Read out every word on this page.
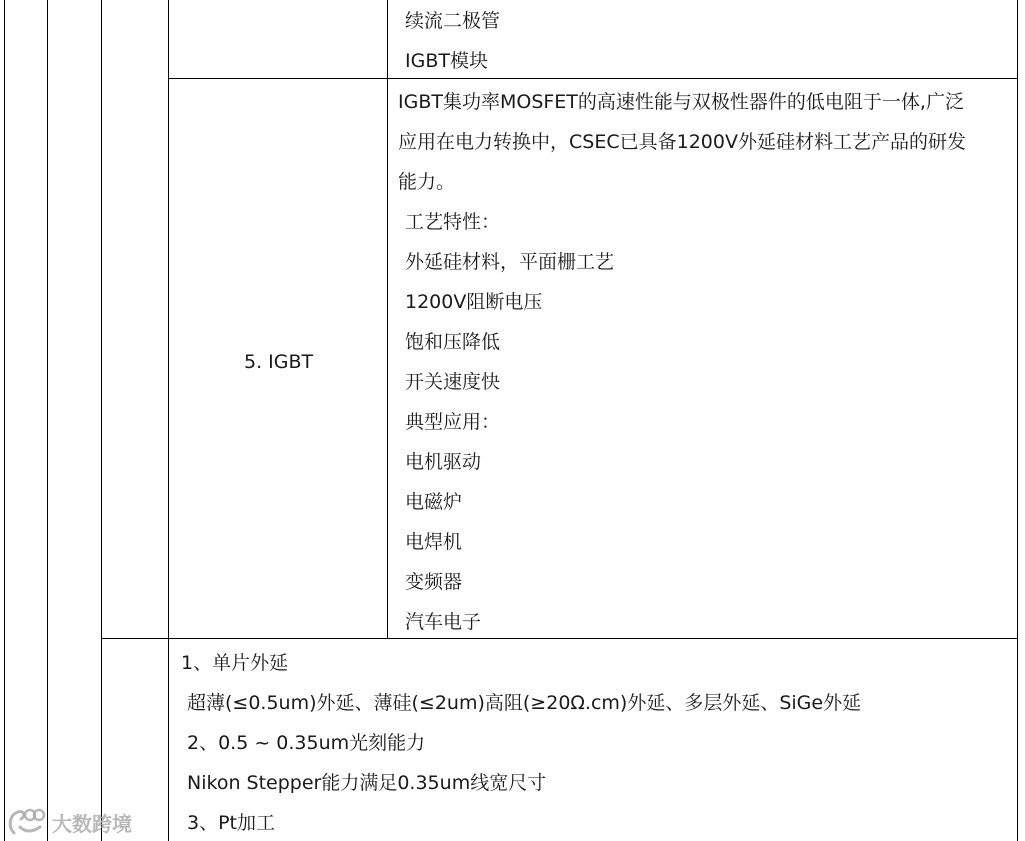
续流二极管
IGBT模块
5. IGBT
IGBT集功率MOSFET的高速性能与双极性器件的低电阻于一体,广泛
应用在电力转换中，CSEC已具备1200V外延硅材料工艺产品的研发
能力。
工艺特性：
外延硅材料，平面栅工艺
1200V阻断电压
饱和压降低
开关速度快
典型应用：
电机驱动
电磁炉
电焊机
变频器
汽车电子
1、单片外延
超薄(≤0.5um)外延、薄硅(≤2um)高阻(≥20Ω.cm)外延、多层外延、SiGe外延
2、0.5 ~ 0.35um光刻能力
Nikon Stepper能力满足0.35um线宽尺寸
3、Pt加工
大数跨境
